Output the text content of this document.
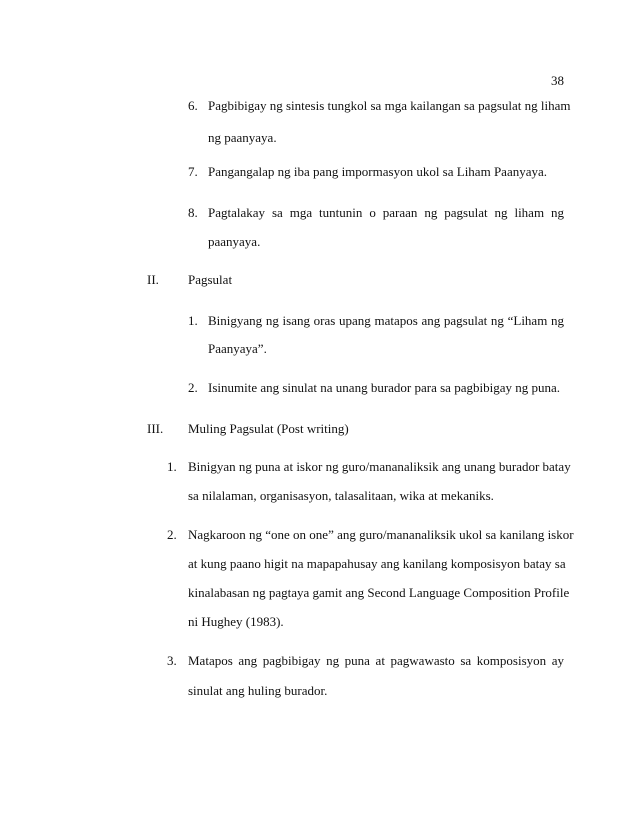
38
6. Pagbibigay ng sintesis tungkol sa mga kailangan sa pagsulat ng liham
ng paanyaya.
7. Pangangalap ng iba pang impormasyon ukol sa Liham Paanyaya.
8. Pagtalakay sa mga tuntunin o paraan ng pagsulat ng liham ng
paanyaya.
II. Pagsulat
1. Binigyang ng isang oras upang matapos ang pagsulat ng “Liham ng
Paanyaya”.
2. Isinumite ang sinulat na unang burador para sa pagbibigay ng puna.
III. Muling Pagsulat (Post writing)
1. Binigyan ng puna at iskor ng guro/mananaliksik ang unang burador batay
sa nilalaman, organisasyon, talasalitaan, wika at mekaniks.
2. Nagkaroon ng “one on one” ang guro/mananaliksik ukol sa kanilang iskor
at kung paano higit na mapapahusay ang kanilang komposisyon batay sa
kinalabasan ng pagtaya gamit ang Second Language Composition Profile
ni Hughey (1983).
3. Matapos ang pagbibigay ng puna at pagwawasto sa komposisyon ay
sinulat ang huling burador.
